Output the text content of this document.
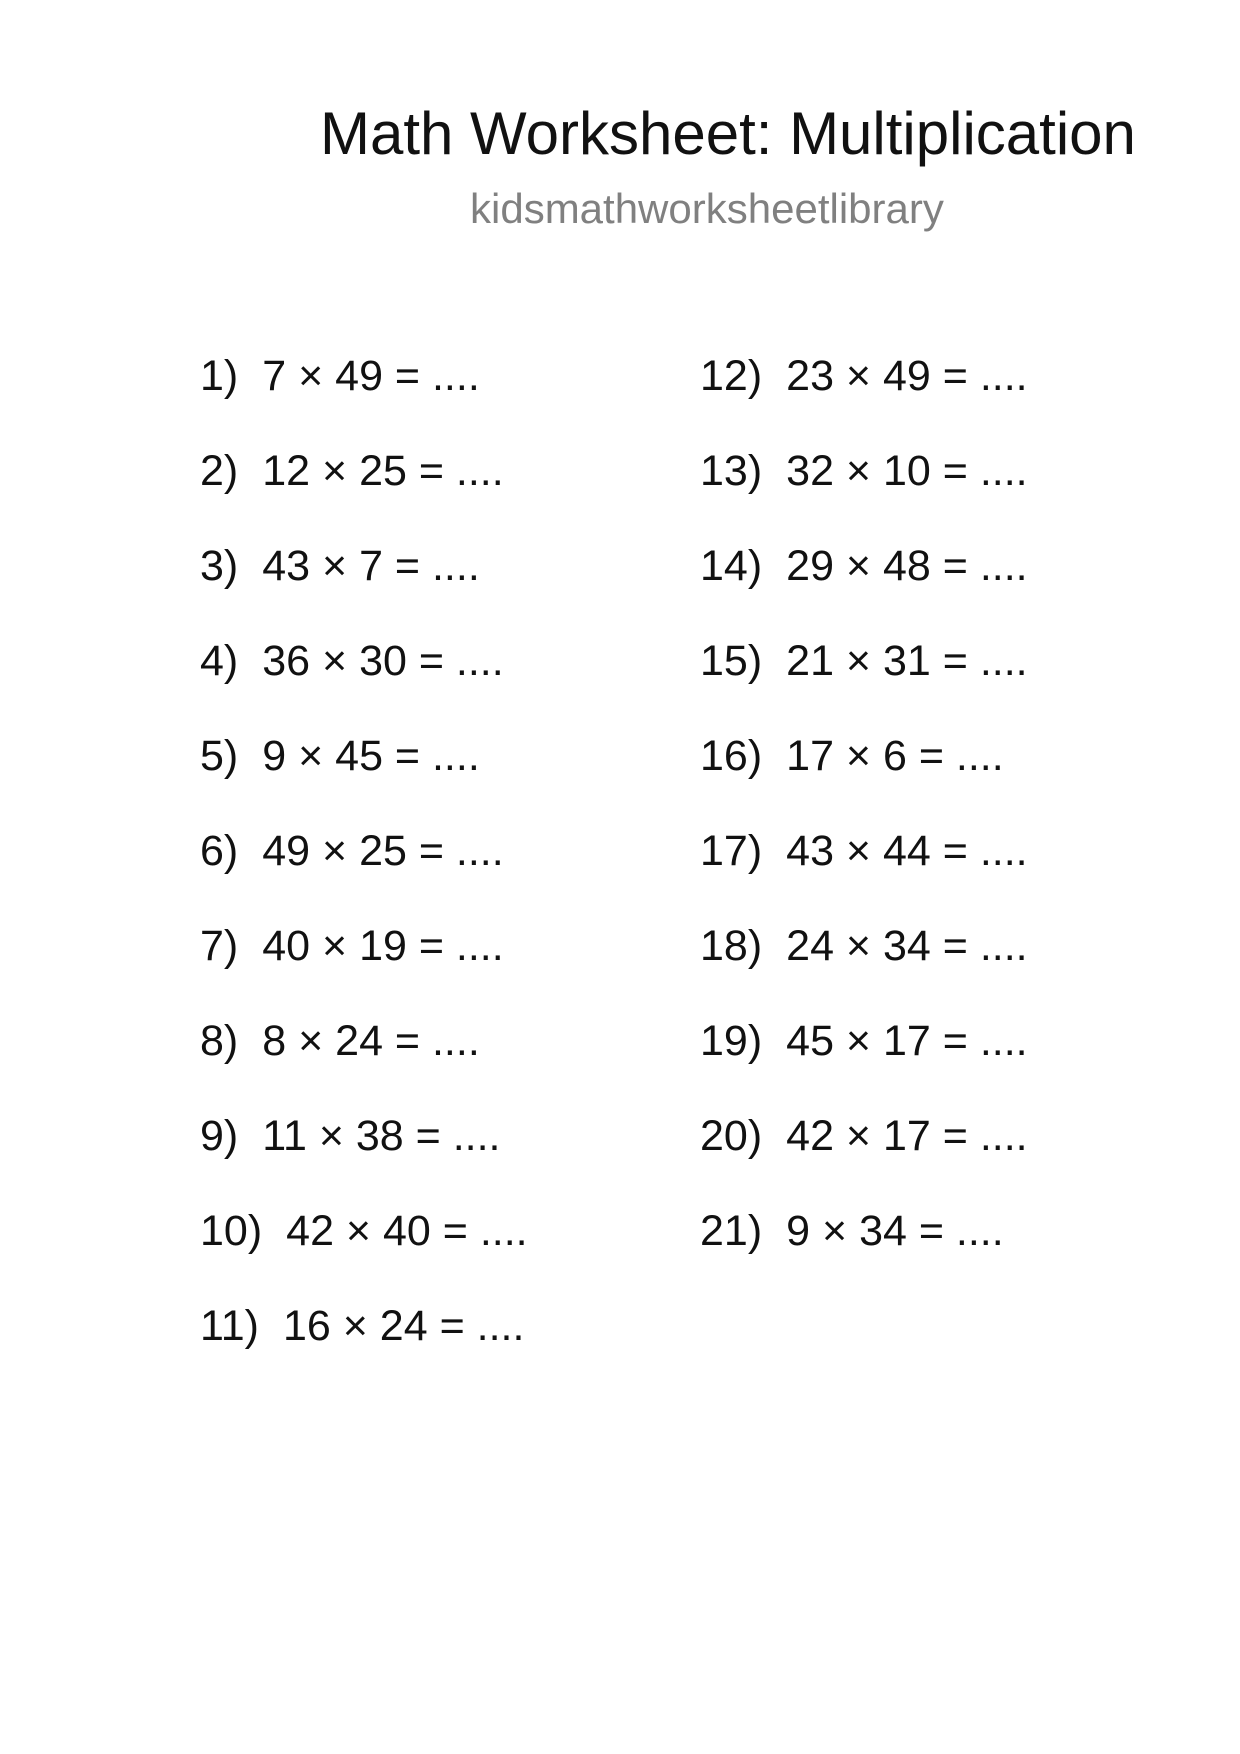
Math Worksheet: Multiplication
kidsmathworksheetlibrary
1) 7 × 49 = ....
2) 12 × 25 = ....
3) 43 × 7 = ....
4) 36 × 30 = ....
5) 9 × 45 = ....
6) 49 × 25 = ....
7) 40 × 19 = ....
8) 8 × 24 = ....
9) 11 × 38 = ....
10) 42 × 40 = ....
11) 16 × 24 = ....
12) 23 × 49 = ....
13) 32 × 10 = ....
14) 29 × 48 = ....
15) 21 × 31 = ....
16) 17 × 6 = ....
17) 43 × 44 = ....
18) 24 × 34 = ....
19) 45 × 17 = ....
20) 42 × 17 = ....
21) 9 × 34 = ....
